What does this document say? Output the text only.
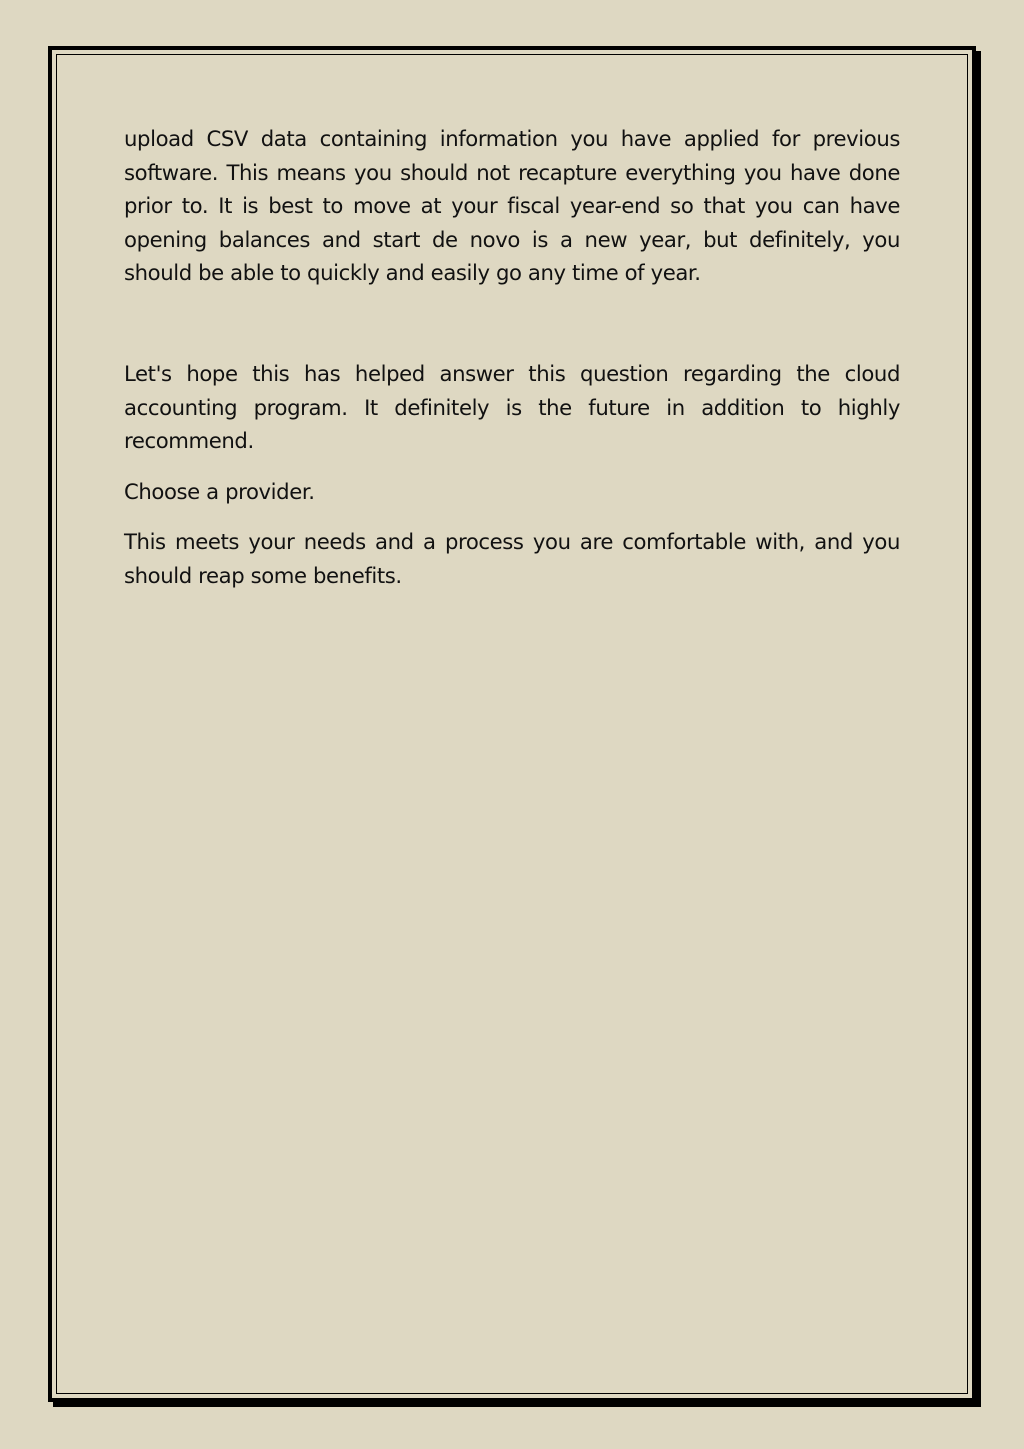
upload CSV data containing information you have applied for previous software. This means you should not recapture everything you have done prior to. It is best to move at your fiscal year-end so that you can have opening balances and start de novo is a new year, but definitely, you should be able to quickly and easily go any time of year.

Let's hope this has helped answer this question regarding the cloud accounting program. It definitely is the future in addition to highly recommend.

Choose a provider.

This meets your needs and a process you are comfortable with, and you should reap some benefits.
